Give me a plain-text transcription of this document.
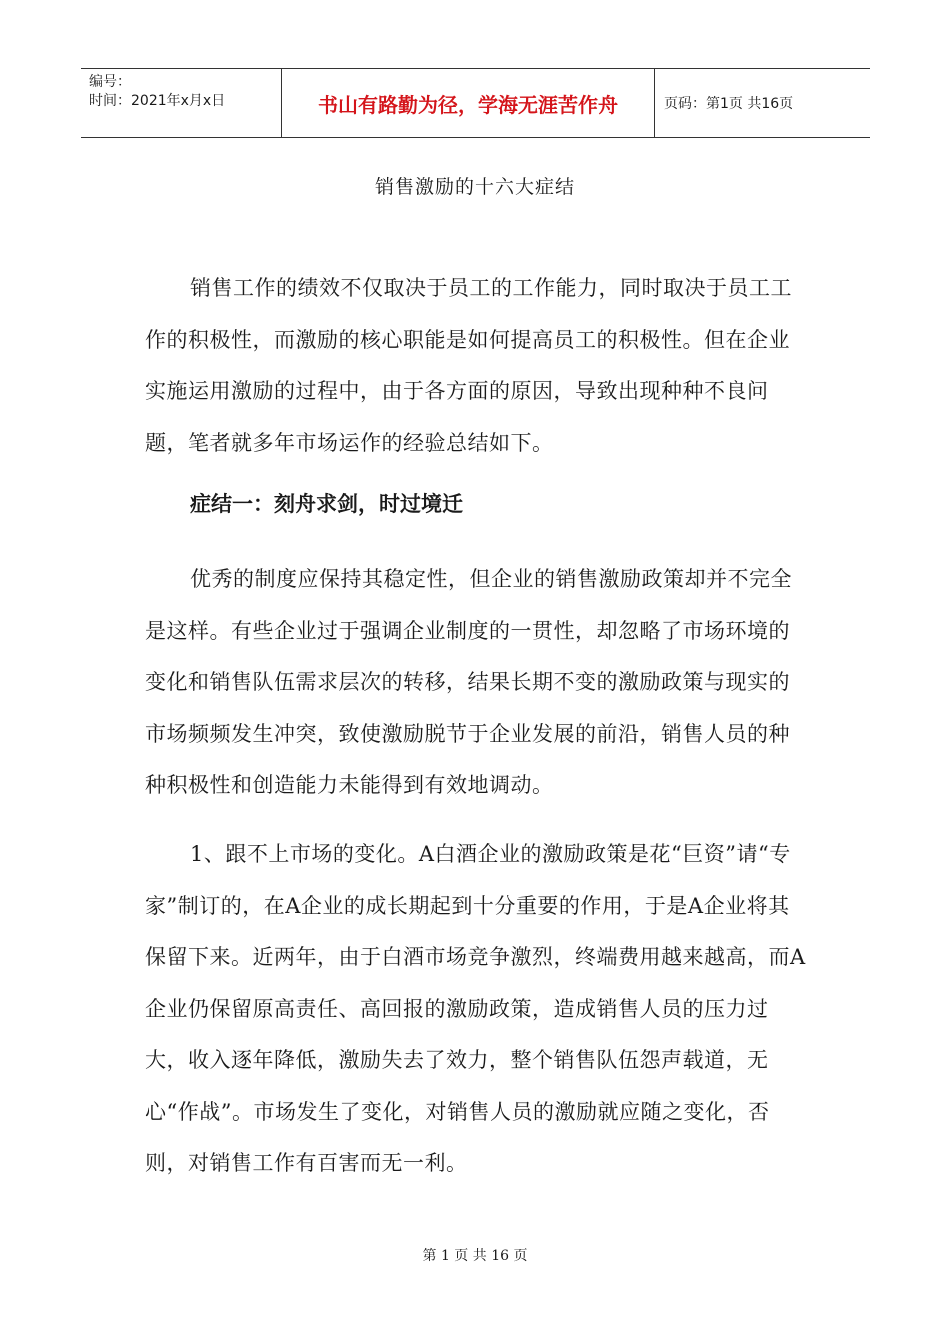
编号：
时间：2021年x月x日	书山有路勤为径，学海无涯苦作舟	页码：第1页 共16页
销售激励的十六大症结

销售工作的绩效不仅取决于员工的工作能力，同时取决于员工工作的积极性，而激励的核心职能是如何提高员工的积极性。但在企业实施运用激励的过程中，由于各方面的原因，导致出现种种不良问题，笔者就多年市场运作的经验总结如下。

症结一：刻舟求剑，时过境迁

优秀的制度应保持其稳定性，但企业的销售激励政策却并不完全是这样。有些企业过于强调企业制度的一贯性，却忽略了市场环境的变化和销售队伍需求层次的转移，结果长期不变的激励政策与现实的市场频频发生冲突，致使激励脱节于企业发展的前沿，销售人员的种种积极性和创造能力未能得到有效地调动。

1、跟不上市场的变化。A白酒企业的激励政策是花“巨资”请“专家”制订的，在A企业的成长期起到十分重要的作用，于是A企业将其保留下来。近两年，由于白酒市场竞争激烈，终端费用越来越高，而A企业仍保留原高责任、高回报的激励政策，造成销售人员的压力过大，收入逐年降低，激励失去了效力，整个销售队伍怨声载道，无心“作战”。市场发生了变化，对销售人员的激励就应随之变化，否则，对销售工作有百害而无一利。

第 1 页 共 16 页
